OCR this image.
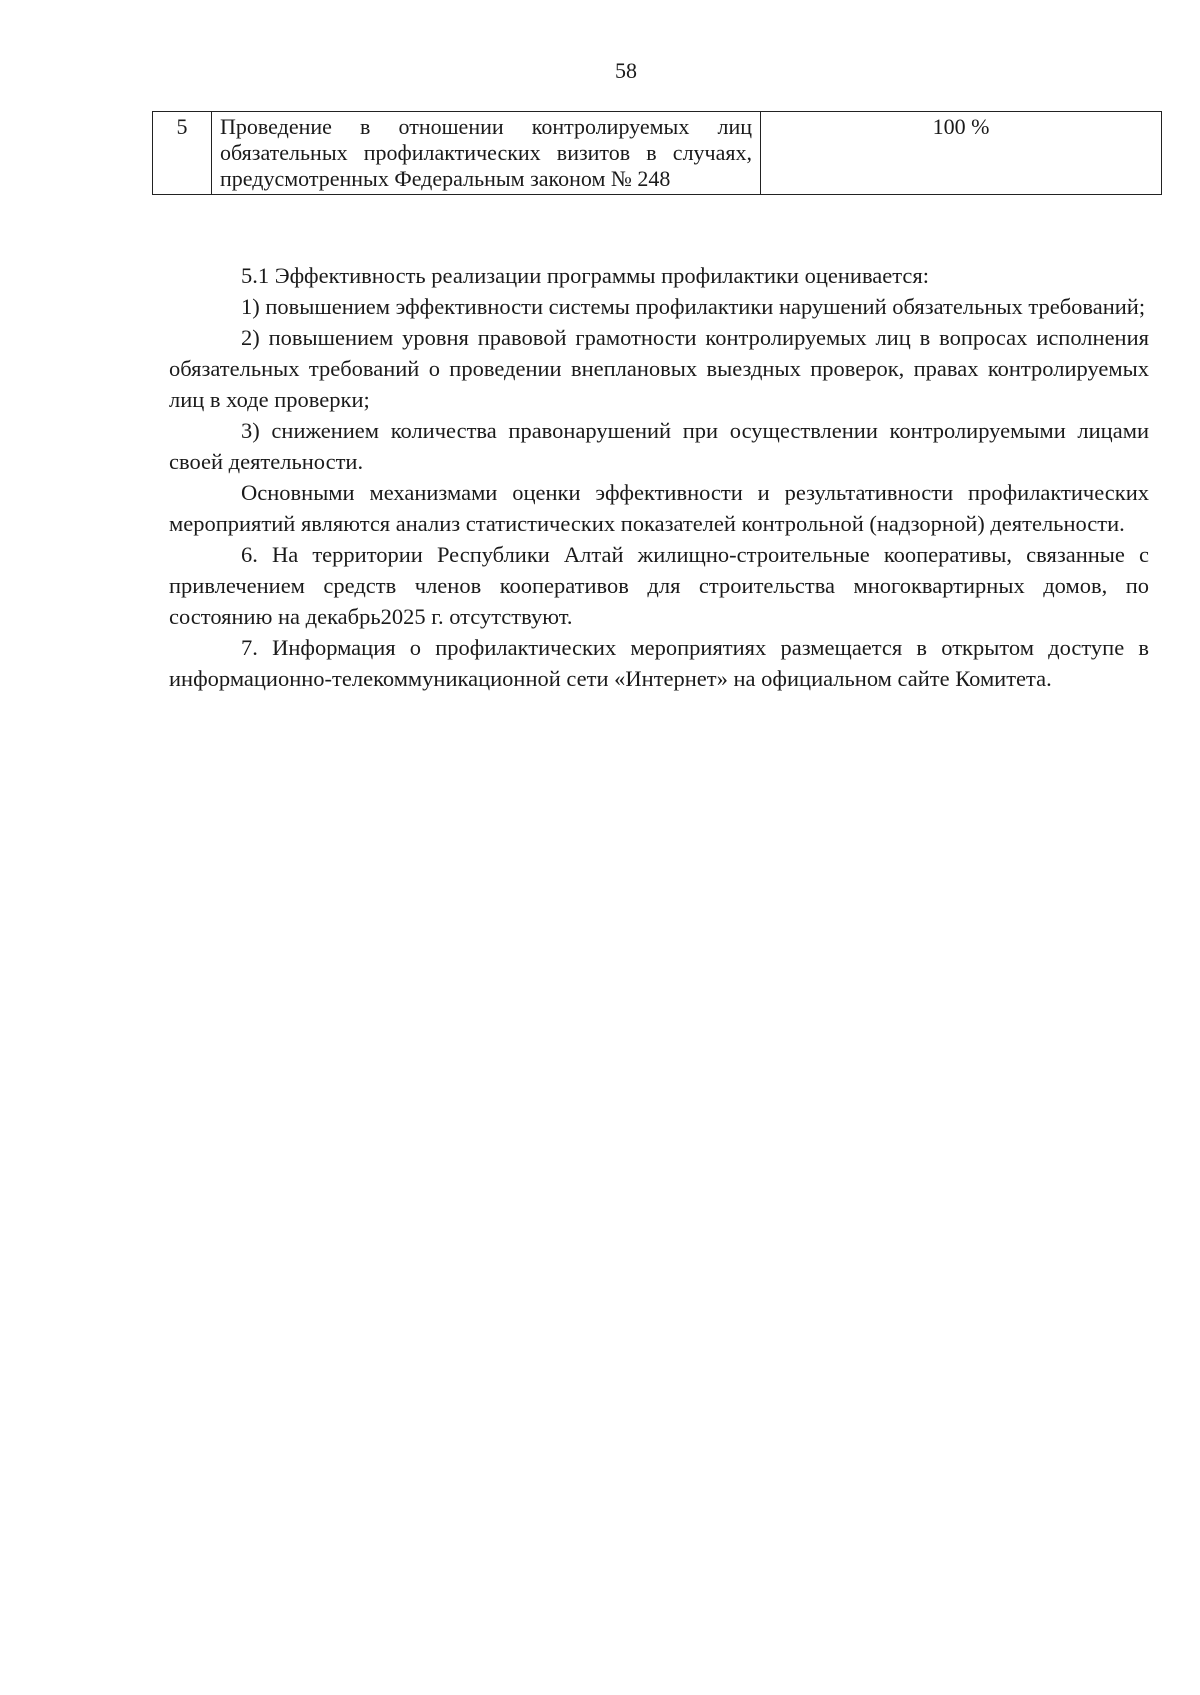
58
5	Проведение в отношении контролируемых лиц обязательных профилактических визитов в случаях, предусмотренных Федеральным законом № 248	100 %

5.1 Эффективность реализации программы профилактики оценивается:

1) повышением эффективности системы профилактики нарушений обязательных требований;

2) повышением уровня правовой грамотности контролируемых лиц в вопросах исполнения обязательных требований о проведении внеплановых выездных проверок, правах контролируемых лиц в ходе проверки;

3) снижением количества правонарушений при осуществлении контролируемыми лицами своей деятельности.

Основными механизмами оценки эффективности и результативности профилактических мероприятий являются анализ статистических показателей контрольной (надзорной) деятельности.

6. На территории Республики Алтай жилищно-строительные кооперативы, связанные с привлечением средств членов кооперативов для строительства многоквартирных домов, по состоянию на декабрь2025 г. отсутствуют.

7. Информация о профилактических мероприятиях размещается в открытом доступе в информационно-телекоммуникационной сети «Интернет» на официальном сайте Комитета.
